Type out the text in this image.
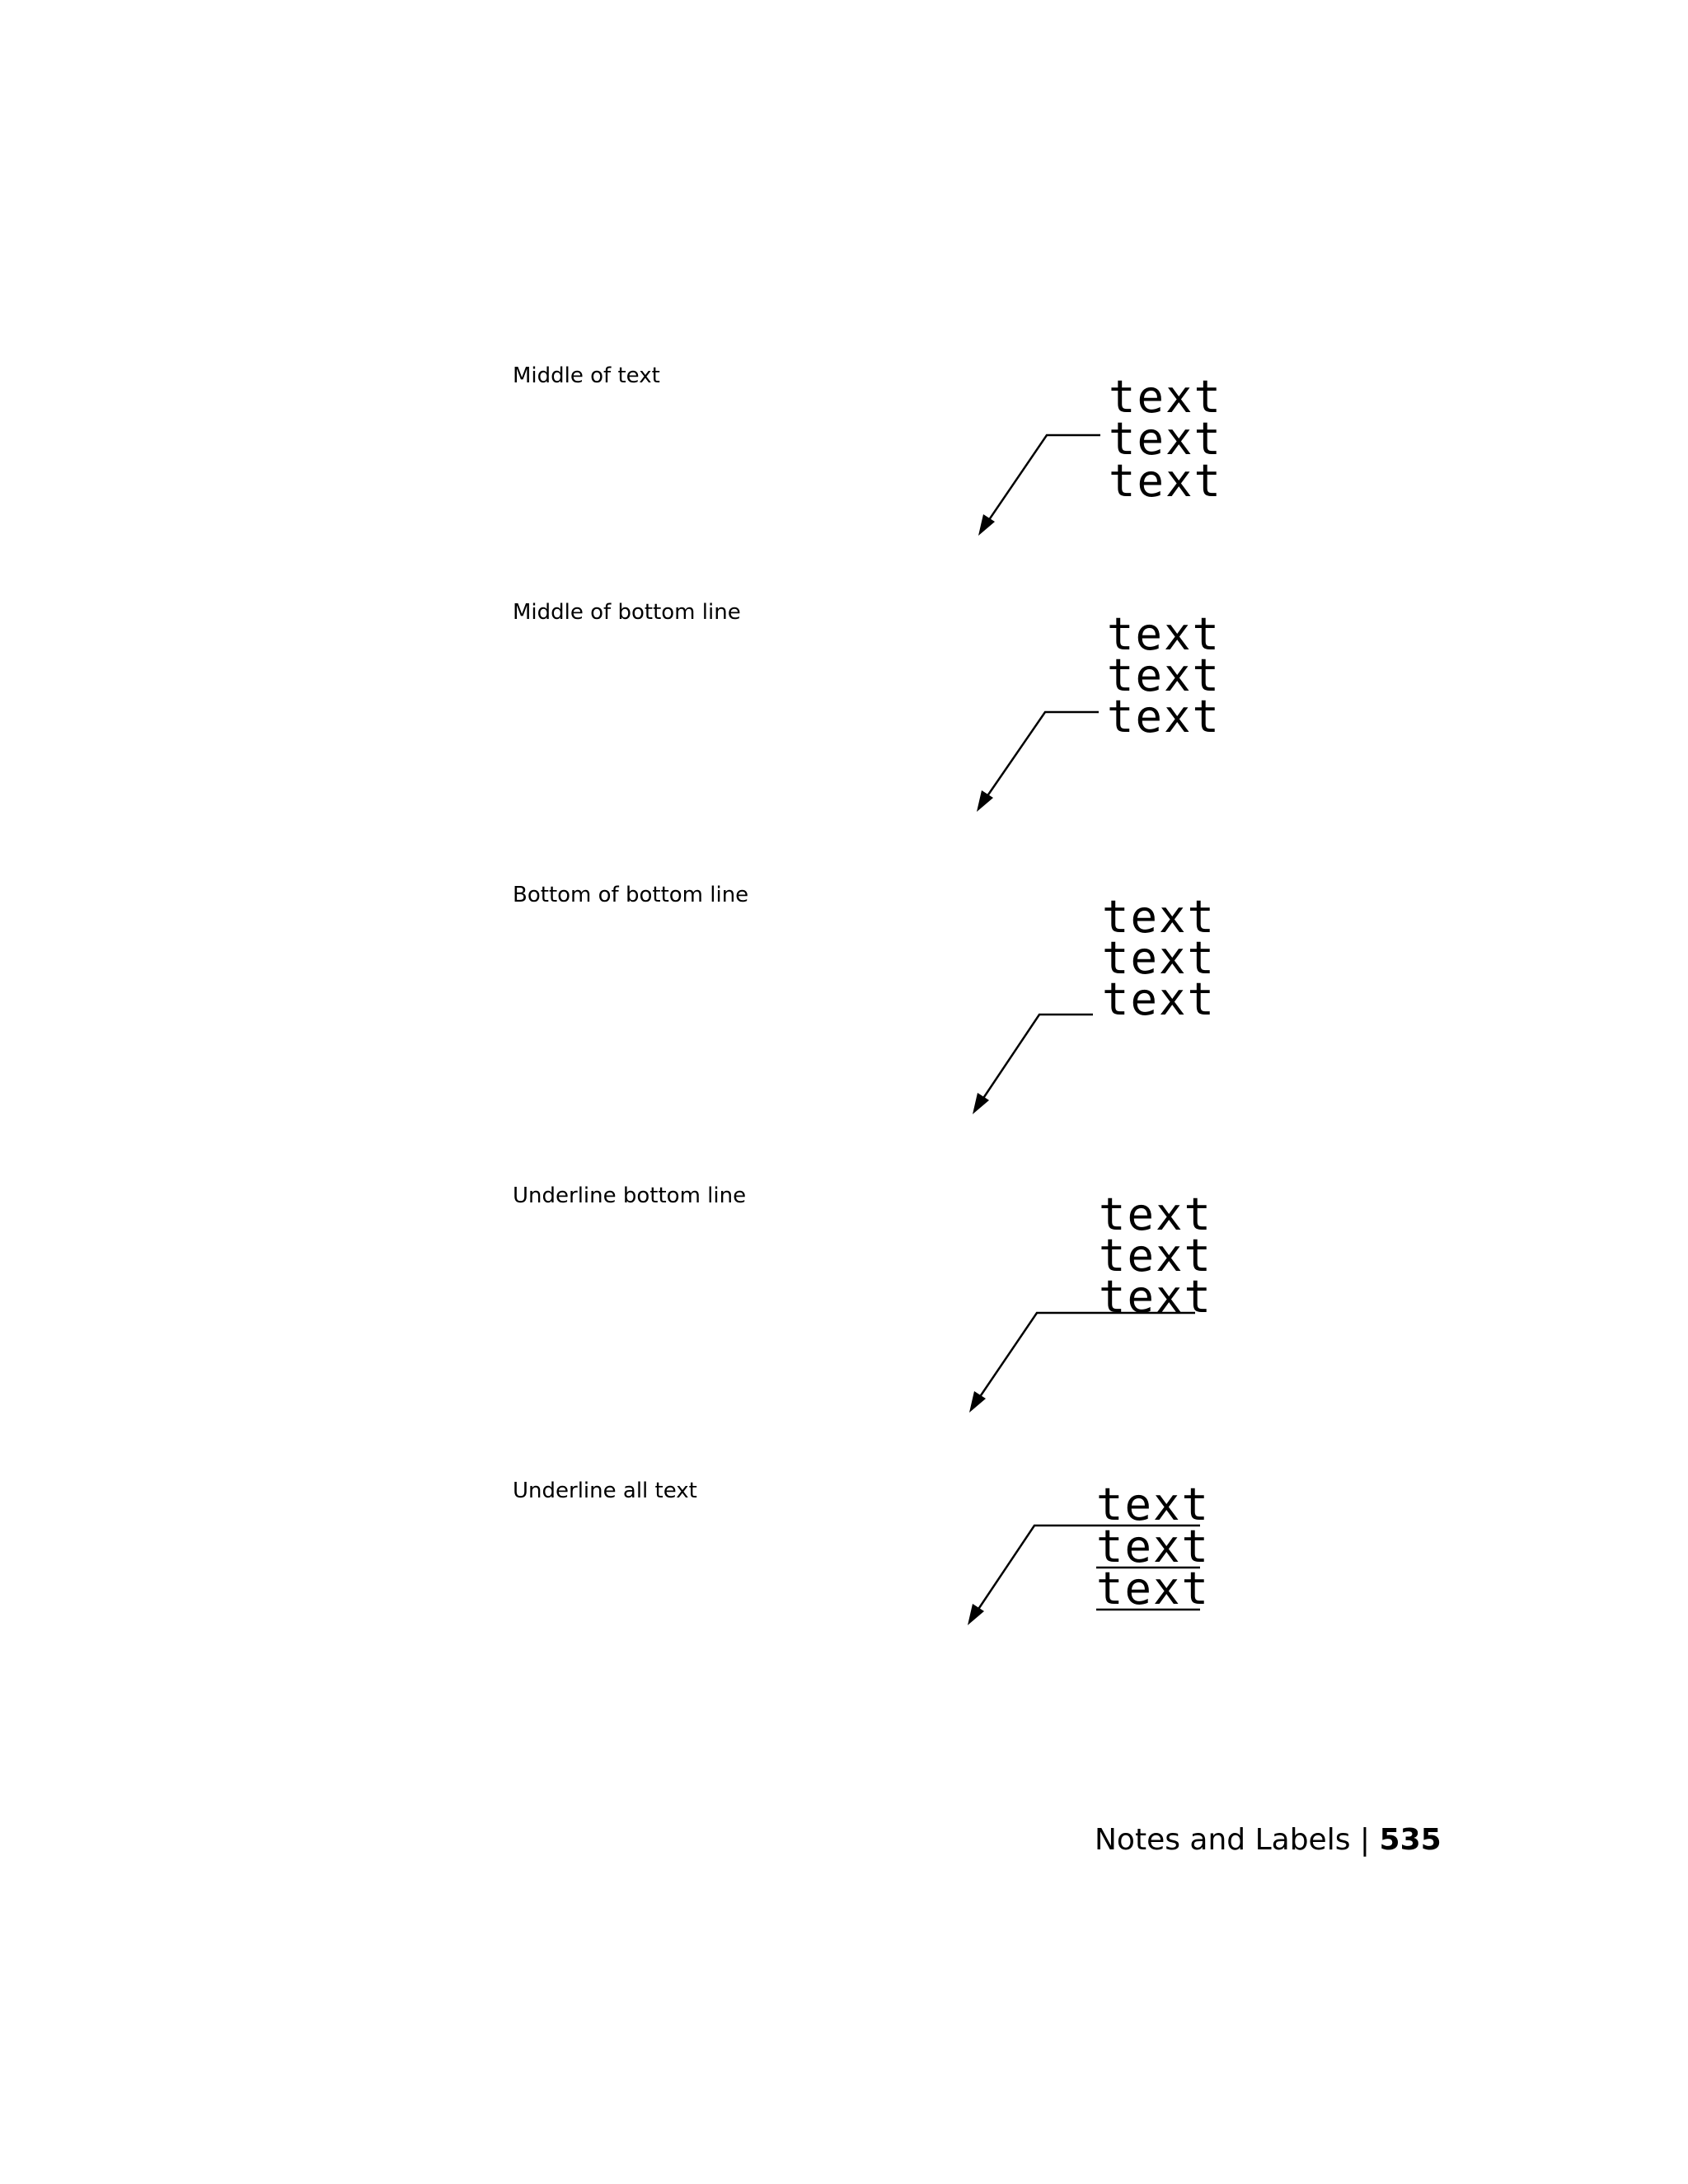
Middle of text	text
text
text
Middle of bottom line	text
text
text
Bottom of bottom line	text
text
text
Underline bottom line	text
text
text
Underline all text	text
text
text
Notes and Labels | 535
